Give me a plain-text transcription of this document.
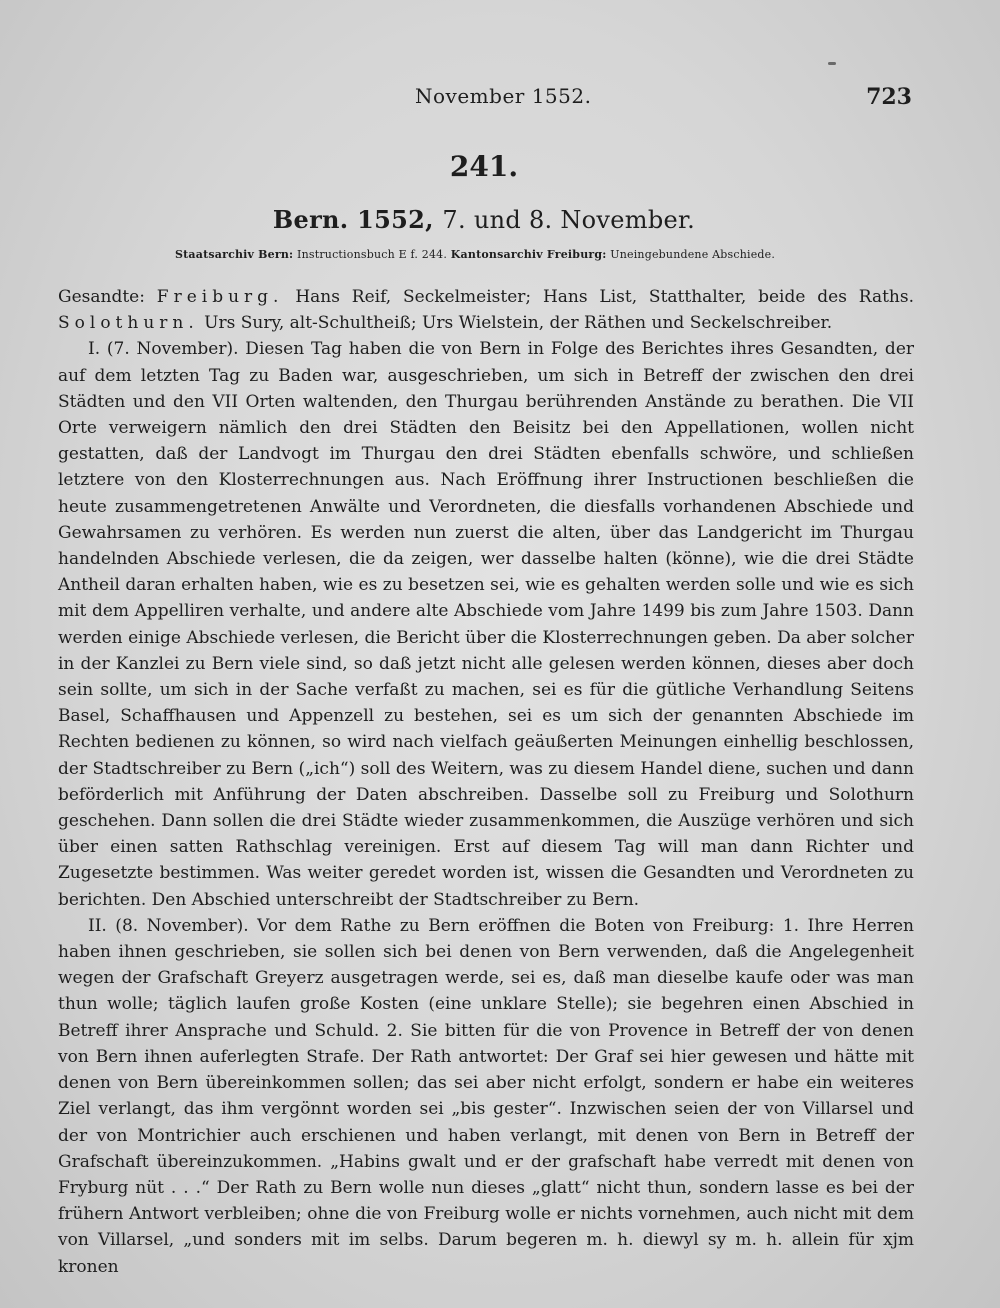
November 1552.	723
241.
Bern. 1552, 7. und 8. November.
Staatsarchiv Bern: Instructionsbuch E f. 244. Kantonsarchiv Freiburg: Uneingebundene Abschiede.

Gesandte: Freiburg. Hans Reif, Seckelmeister; Hans List, Statthalter, beide des Raths. Solothurn. Urs Sury, alt-Schultheiß; Urs Wielstein, der Räthen und Seckelschreiber.

I. (7. November). Diesen Tag haben die von Bern in Folge des Berichtes ihres Gesandten, der auf dem letzten Tag zu Baden war, ausgeschrieben, um sich in Betreff der zwischen den drei Städten und den VII Orten waltenden, den Thurgau berührenden Anstände zu berathen. Die VII Orte verweigern nämlich den drei Städten den Beisitz bei den Appellationen, wollen nicht gestatten, daß der Landvogt im Thurgau den drei Städten ebenfalls schwöre, und schließen letztere von den Klosterrechnungen aus. Nach Eröffnung ihrer Instructionen beschließen die heute zusammengetretenen Anwälte und Verordneten, die diesfalls vorhandenen Abschiede und Gewahrsamen zu verhören. Es werden nun zuerst die alten, über das Landgericht im Thurgau handelnden Abschiede verlesen, die da zeigen, wer dasselbe halten (könne), wie die drei Städte Antheil daran erhalten haben, wie es zu besetzen sei, wie es gehalten werden solle und wie es sich mit dem Appelliren verhalte, und andere alte Abschiede vom Jahre 1499 bis zum Jahre 1503. Dann werden einige Abschiede verlesen, die Bericht über die Klosterrechnungen geben. Da aber solcher in der Kanzlei zu Bern viele sind, so daß jetzt nicht alle gelesen werden können, dieses aber doch sein sollte, um sich in der Sache verfaßt zu machen, sei es für die gütliche Verhandlung Seitens Basel, Schaffhausen und Appenzell zu bestehen, sei es um sich der genannten Abschiede im Rechten bedienen zu können, so wird nach vielfach geäußerten Meinungen einhellig beschlossen, der Stadtschreiber zu Bern („ich“) soll des Weitern, was zu diesem Handel diene, suchen und dann beförderlich mit Anführung der Daten abschreiben. Dasselbe soll zu Freiburg und Solothurn geschehen. Dann sollen die drei Städte wieder zusammenkommen, die Auszüge verhören und sich über einen satten Rathschlag vereinigen. Erst auf diesem Tag will man dann Richter und Zugesetzte bestimmen. Was weiter geredet worden ist, wissen die Gesandten und Verordneten zu berichten. Den Abschied unterschreibt der Stadtschreiber zu Bern.

II. (8. November). Vor dem Rathe zu Bern eröffnen die Boten von Freiburg: 1. Ihre Herren haben ihnen geschrieben, sie sollen sich bei denen von Bern verwenden, daß die Angelegenheit wegen der Grafschaft Greyerz ausgetragen werde, sei es, daß man dieselbe kaufe oder was man thun wolle; täglich laufen große Kosten (eine unklare Stelle); sie begehren einen Abschied in Betreff ihrer Ansprache und Schuld. 2. Sie bitten für die von Provence in Betreff der von denen von Bern ihnen auferlegten Strafe. Der Rath antwortet: Der Graf sei hier gewesen und hätte mit denen von Bern übereinkommen sollen; das sei aber nicht erfolgt, sondern er habe ein weiteres Ziel verlangt, das ihm vergönnt worden sei „bis gester“. Inzwischen seien der von Villarsel und der von Montrichier auch erschienen und haben verlangt, mit denen von Bern in Betreff der Grafschaft übereinzukommen. „Habins gwalt und er der grafschaft habe verredt mit denen von Fryburg nüt . . .“ Der Rath zu Bern wolle nun dieses „glatt“ nicht thun, sondern lasse es bei der frühern Antwort verbleiben; ohne die von Freiburg wolle er nichts vornehmen, auch nicht mit dem von Villarsel, „und sonders mit im selbs. Darum begeren m. h. diewyl sy m. h. allein für xjm kronen
